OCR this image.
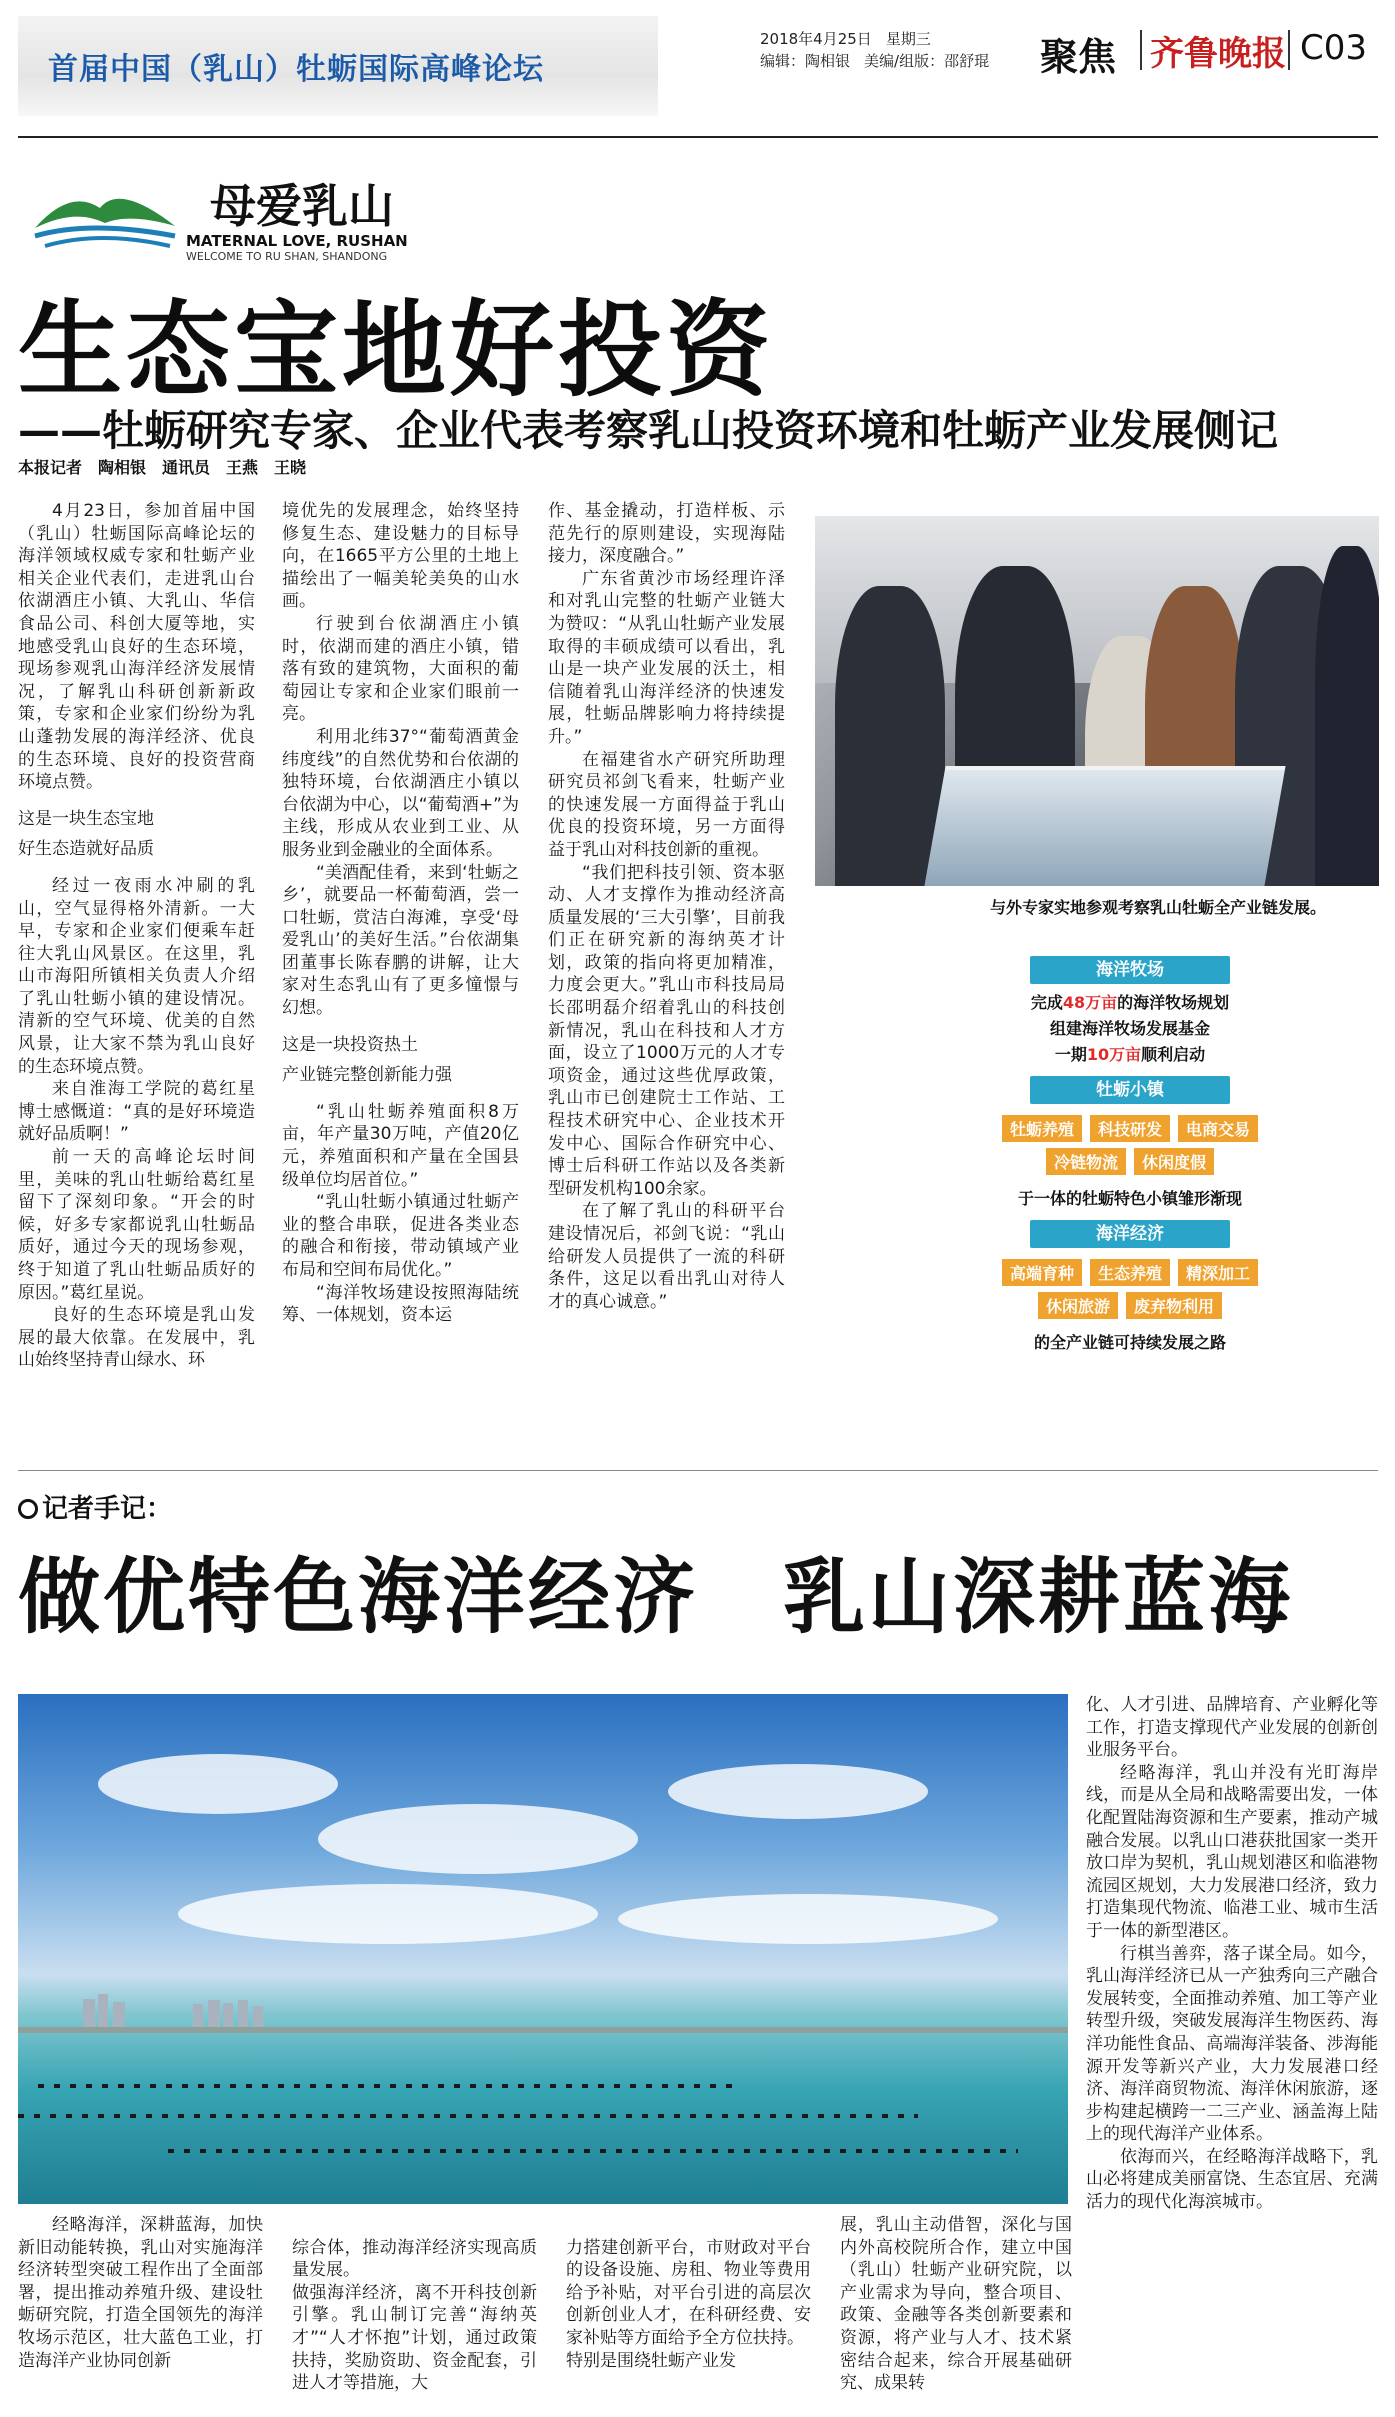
首届中国（乳山）牡蛎国际高峰论坛
2018年4月25日 星期三
编辑：陶相银 美编/组版：邵舒琨	聚焦 齐鲁晚报 C03
母爱乳山
MATERNAL LOVE, RUSHAN
WELCOME TO RU SHAN, SHANDONG
生态宝地好投资
——牡蛎研究专家、企业代表考察乳山投资环境和牡蛎产业发展侧记
本报记者　陶相银　通讯员　王燕　王晓

4月23日，参加首届中国（乳山）牡蛎国际高峰论坛的海洋领域权威专家和牡蛎产业相关企业代表们，走进乳山台依湖酒庄小镇、大乳山、华信食品公司、科创大厦等地，实地感受乳山良好的生态环境，现场参观乳山海洋经济发展情况，了解乳山科研创新新政策，专家和企业家们纷纷为乳山蓬勃发展的海洋经济、优良的生态环境、良好的投资营商环境点赞。

这是一块生态宝地

好生态造就好品质

经过一夜雨水冲刷的乳山，空气显得格外清新。一大早，专家和企业家们便乘车赶往大乳山风景区。在这里，乳山市海阳所镇相关负责人介绍了乳山牡蛎小镇的建设情况。清新的空气环境、优美的自然风景，让大家不禁为乳山良好的生态环境点赞。

来自淮海工学院的葛红星博士感慨道：“真的是好环境造就好品质啊！”

前一天的高峰论坛时间里，美味的乳山牡蛎给葛红星留下了深刻印象。“开会的时候，好多专家都说乳山牡蛎品质好，通过今天的现场参观，终于知道了乳山牡蛎品质好的原因。”葛红星说。

良好的生态环境是乳山发展的最大依靠。在发展中，乳山始终坚持青山绿水、环

境优先的发展理念，始终坚持修复生态、建设魅力的目标导向，在1665平方公里的土地上描绘出了一幅美轮美奂的山水画。

行驶到台依湖酒庄小镇时，依湖而建的酒庄小镇，错落有致的建筑物，大面积的葡萄园让专家和企业家们眼前一亮。

利用北纬37°“葡萄酒黄金纬度线”的自然优势和台依湖的独特环境，台依湖酒庄小镇以台依湖为中心，以“葡萄酒+”为主线，形成从农业到工业、从服务业到金融业的全面体系。

“美酒配佳肴，来到‘牡蛎之乡’，就要品一杯葡萄酒，尝一口牡蛎，赏洁白海滩，享受‘母爱乳山’的美好生活。”台依湖集团董事长陈春鹏的讲解，让大家对生态乳山有了更多憧憬与幻想。

这是一块投资热土

产业链完整创新能力强

“乳山牡蛎养殖面积8万亩，年产量30万吨，产值20亿元，养殖面积和产量在全国县级单位均居首位。”

“乳山牡蛎小镇通过牡蛎产业的整合串联，促进各类业态的融合和衔接，带动镇域产业布局和空间布局优化。”

“海洋牧场建设按照海陆统筹、一体规划，资本运

作、基金撬动，打造样板、示范先行的原则建设，实现海陆接力，深度融合。”

广东省黄沙市场经理许泽和对乳山完整的牡蛎产业链大为赞叹：“从乳山牡蛎产业发展取得的丰硕成绩可以看出，乳山是一块产业发展的沃土，相信随着乳山海洋经济的快速发展，牡蛎品牌影响力将持续提升。”

在福建省水产研究所助理研究员祁剑飞看来，牡蛎产业的快速发展一方面得益于乳山优良的投资环境，另一方面得益于乳山对科技创新的重视。

“我们把科技引领、资本驱动、人才支撑作为推动经济高质量发展的‘三大引擎’，目前我们正在研究新的海纳英才计划，政策的指向将更加精准，力度会更大。”乳山市科技局局长邵明磊介绍着乳山的科技创新情况，乳山在科技和人才方面，设立了1000万元的人才专项资金，通过这些优厚政策，乳山市已创建院士工作站、工程技术研究中心、企业技术开发中心、国际合作研究中心、博士后科研工作站以及各类新型研发机构100余家。

在了解了乳山的科研平台建设情况后，祁剑飞说：“乳山给研发人员提供了一流的科研条件，这足以看出乳山对待人才的真心诚意。”

与外专家实地参观考察乳山牡蛎全产业链发展。
海洋牧场
完成48万亩的海洋牧场规划
组建海洋牧场发展基金
一期10万亩顺利启动
牡蛎小镇
牡蛎养殖 科技研发 电商交易
冷链物流 休闲度假
于一体的牡蛎特色小镇雏形渐现
海洋经济
高端育种 生态养殖 精深加工
休闲旅游 废弃物利用
的全产业链可持续发展之路
记者手记：
做优特色海洋经济　乳山深耕蓝海

化、人才引进、品牌培育、产业孵化等工作，打造支撑现代产业发展的创新创业服务平台。

经略海洋，乳山并没有光盯海岸线，而是从全局和战略需要出发，一体化配置陆海资源和生产要素，推动产城融合发展。以乳山口港获批国家一类开放口岸为契机，乳山规划港区和临港物流园区规划，大力发展港口经济，致力打造集现代物流、临港工业、城市生活于一体的新型港区。

行棋当善弈，落子谋全局。如今，乳山海洋经济已从一产独秀向三产融合发展转变，全面推动养殖、加工等产业转型升级，突破发展海洋生物医药、海洋功能性食品、高端海洋装备、涉海能源开发等新兴产业，大力发展港口经济、海洋商贸物流、海洋休闲旅游，逐步构建起横跨一二三产业、涵盖海上陆上的现代海洋产业体系。

依海而兴，在经略海洋战略下，乳山必将建成美丽富饶、生态宜居、充满活力的现代化海滨城市。

经略海洋，深耕蓝海，加快新旧动能转换，乳山对实施海洋经济转型突破工程作出了全面部署，提出推动养殖升级、建设牡蛎研究院，打造全国领先的海洋牧场示范区，壮大蓝色工业，打造海洋产业协同创新

综合体，推动海洋经济实现高质量发展。
做强海洋经济，离不开科技创新引擎。乳山制订完善“海纳英才”“人才怀抱”计划，通过政策扶持，奖励资助、资金配套，引进人才等措施，大

力搭建创新平台，市财政对平台的设备设施、房租、物业等费用给予补贴，对平台引进的高层次创新创业人才，在科研经费、安家补贴等方面给予全方位扶持。
特别是围绕牡蛎产业发

展，乳山主动借智，深化与国内外高校院所合作，建立中国（乳山）牡蛎产业研究院，以产业需求为导向，整合项目、政策、金融等各类创新要素和资源，将产业与人才、技术紧密结合起来，综合开展基础研究、成果转
